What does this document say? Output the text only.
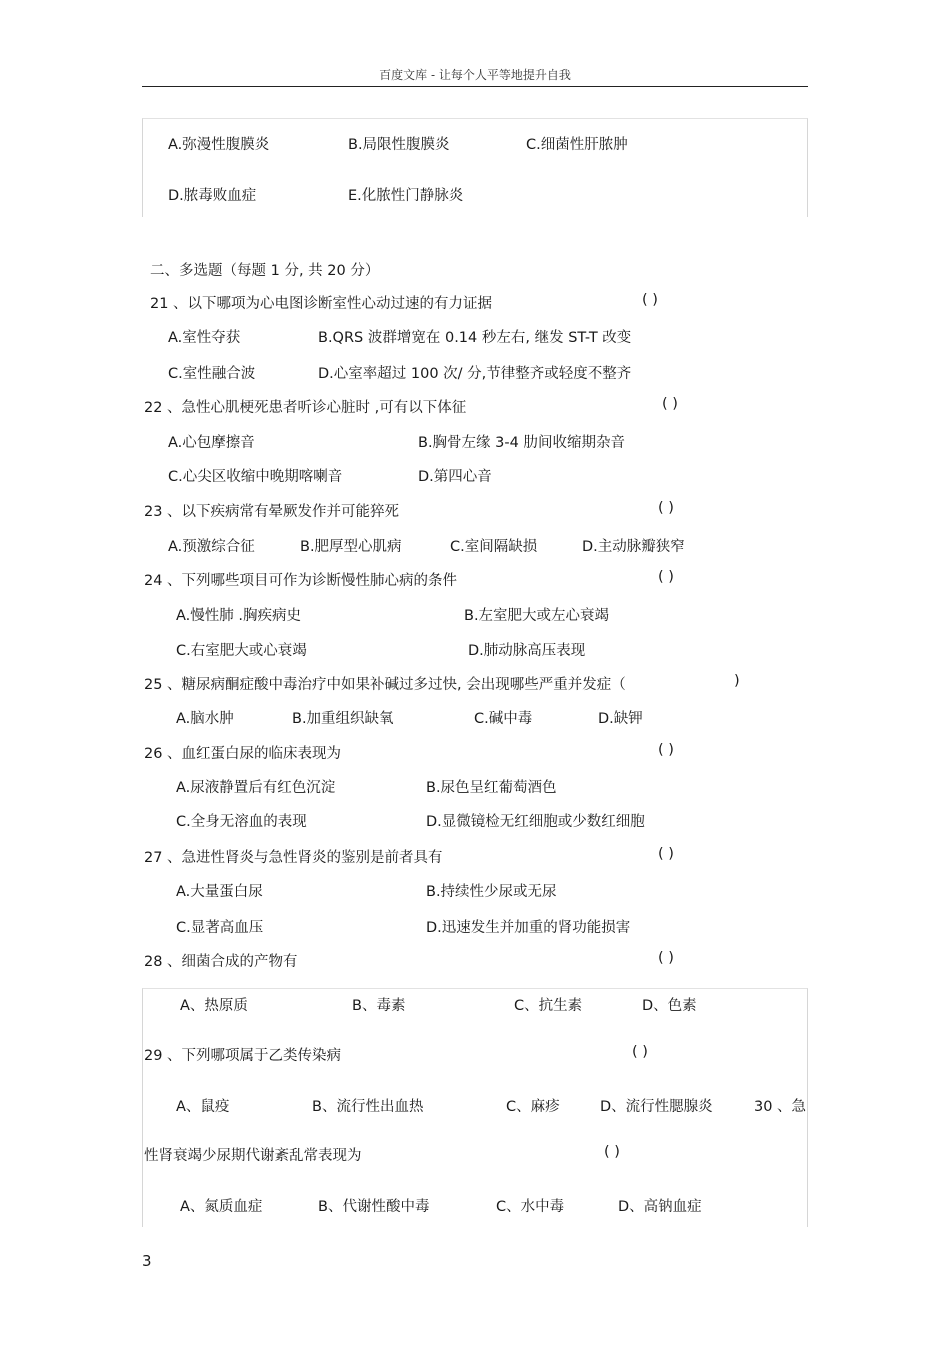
百度文库 - 让每个人平等地提升自我
A.弥漫性腹膜炎	B.局限性腹膜炎	C.细菌性肝脓肿
D.脓毒败血症	E.化脓性门静脉炎
二、多选题（每题 1 分, 共 20 分）
21 、以下哪项为心电图诊断室性心动过速的有力证据	( )
A.室性夺获	B.QRS 波群增宽在 0.14 秒左右, 继发 ST-T 改变
C.室性融合波	D.心室率超过 100 次/ 分,节律整齐或轻度不整齐
22 、急性心肌梗死患者听诊心脏时 ,可有以下体征	( )
A.心包摩擦音	B.胸骨左缘 3-4 肋间收缩期杂音
C.心尖区收缩中晚期喀喇音	D.第四心音
23 、以下疾病常有晕厥发作并可能猝死	( )
A.预激综合征	B.肥厚型心肌病	C.室间隔缺损	D.主动脉瓣狭窄
24 、下列哪些项目可作为诊断慢性肺心病的条件	( )
A.慢性肺 .胸疾病史	B.左室肥大或左心衰竭
C.右室肥大或心衰竭	D.肺动脉高压表现
25 、糖尿病酮症酸中毒治疗中如果补碱过多过快, 会出现哪些严重并发症（	)
A.脑水肿	B.加重组织缺氧	C.碱中毒	D.缺钾
26 、血红蛋白尿的临床表现为	( )
A.尿液静置后有红色沉淀	B.尿色呈红葡萄酒色
C.全身无溶血的表现	D.显微镜检无红细胞或少数红细胞
27 、急进性肾炎与急性肾炎的鉴别是前者具有	( )
A.大量蛋白尿	B.持续性少尿或无尿
C.显著高血压	D.迅速发生并加重的肾功能损害
28 、细菌合成的产物有	( )
A、热原质	B、毒素	C、抗生素	D、色素
29 、下列哪项属于乙类传染病	( )
A、鼠疫	B、流行性出血热	C、麻疹	D、流行性腮腺炎	30 、急
性肾衰竭少尿期代谢紊乱常表现为	( )
A、氮质血症	B、代谢性酸中毒	C、水中毒	D、高钠血症
3
